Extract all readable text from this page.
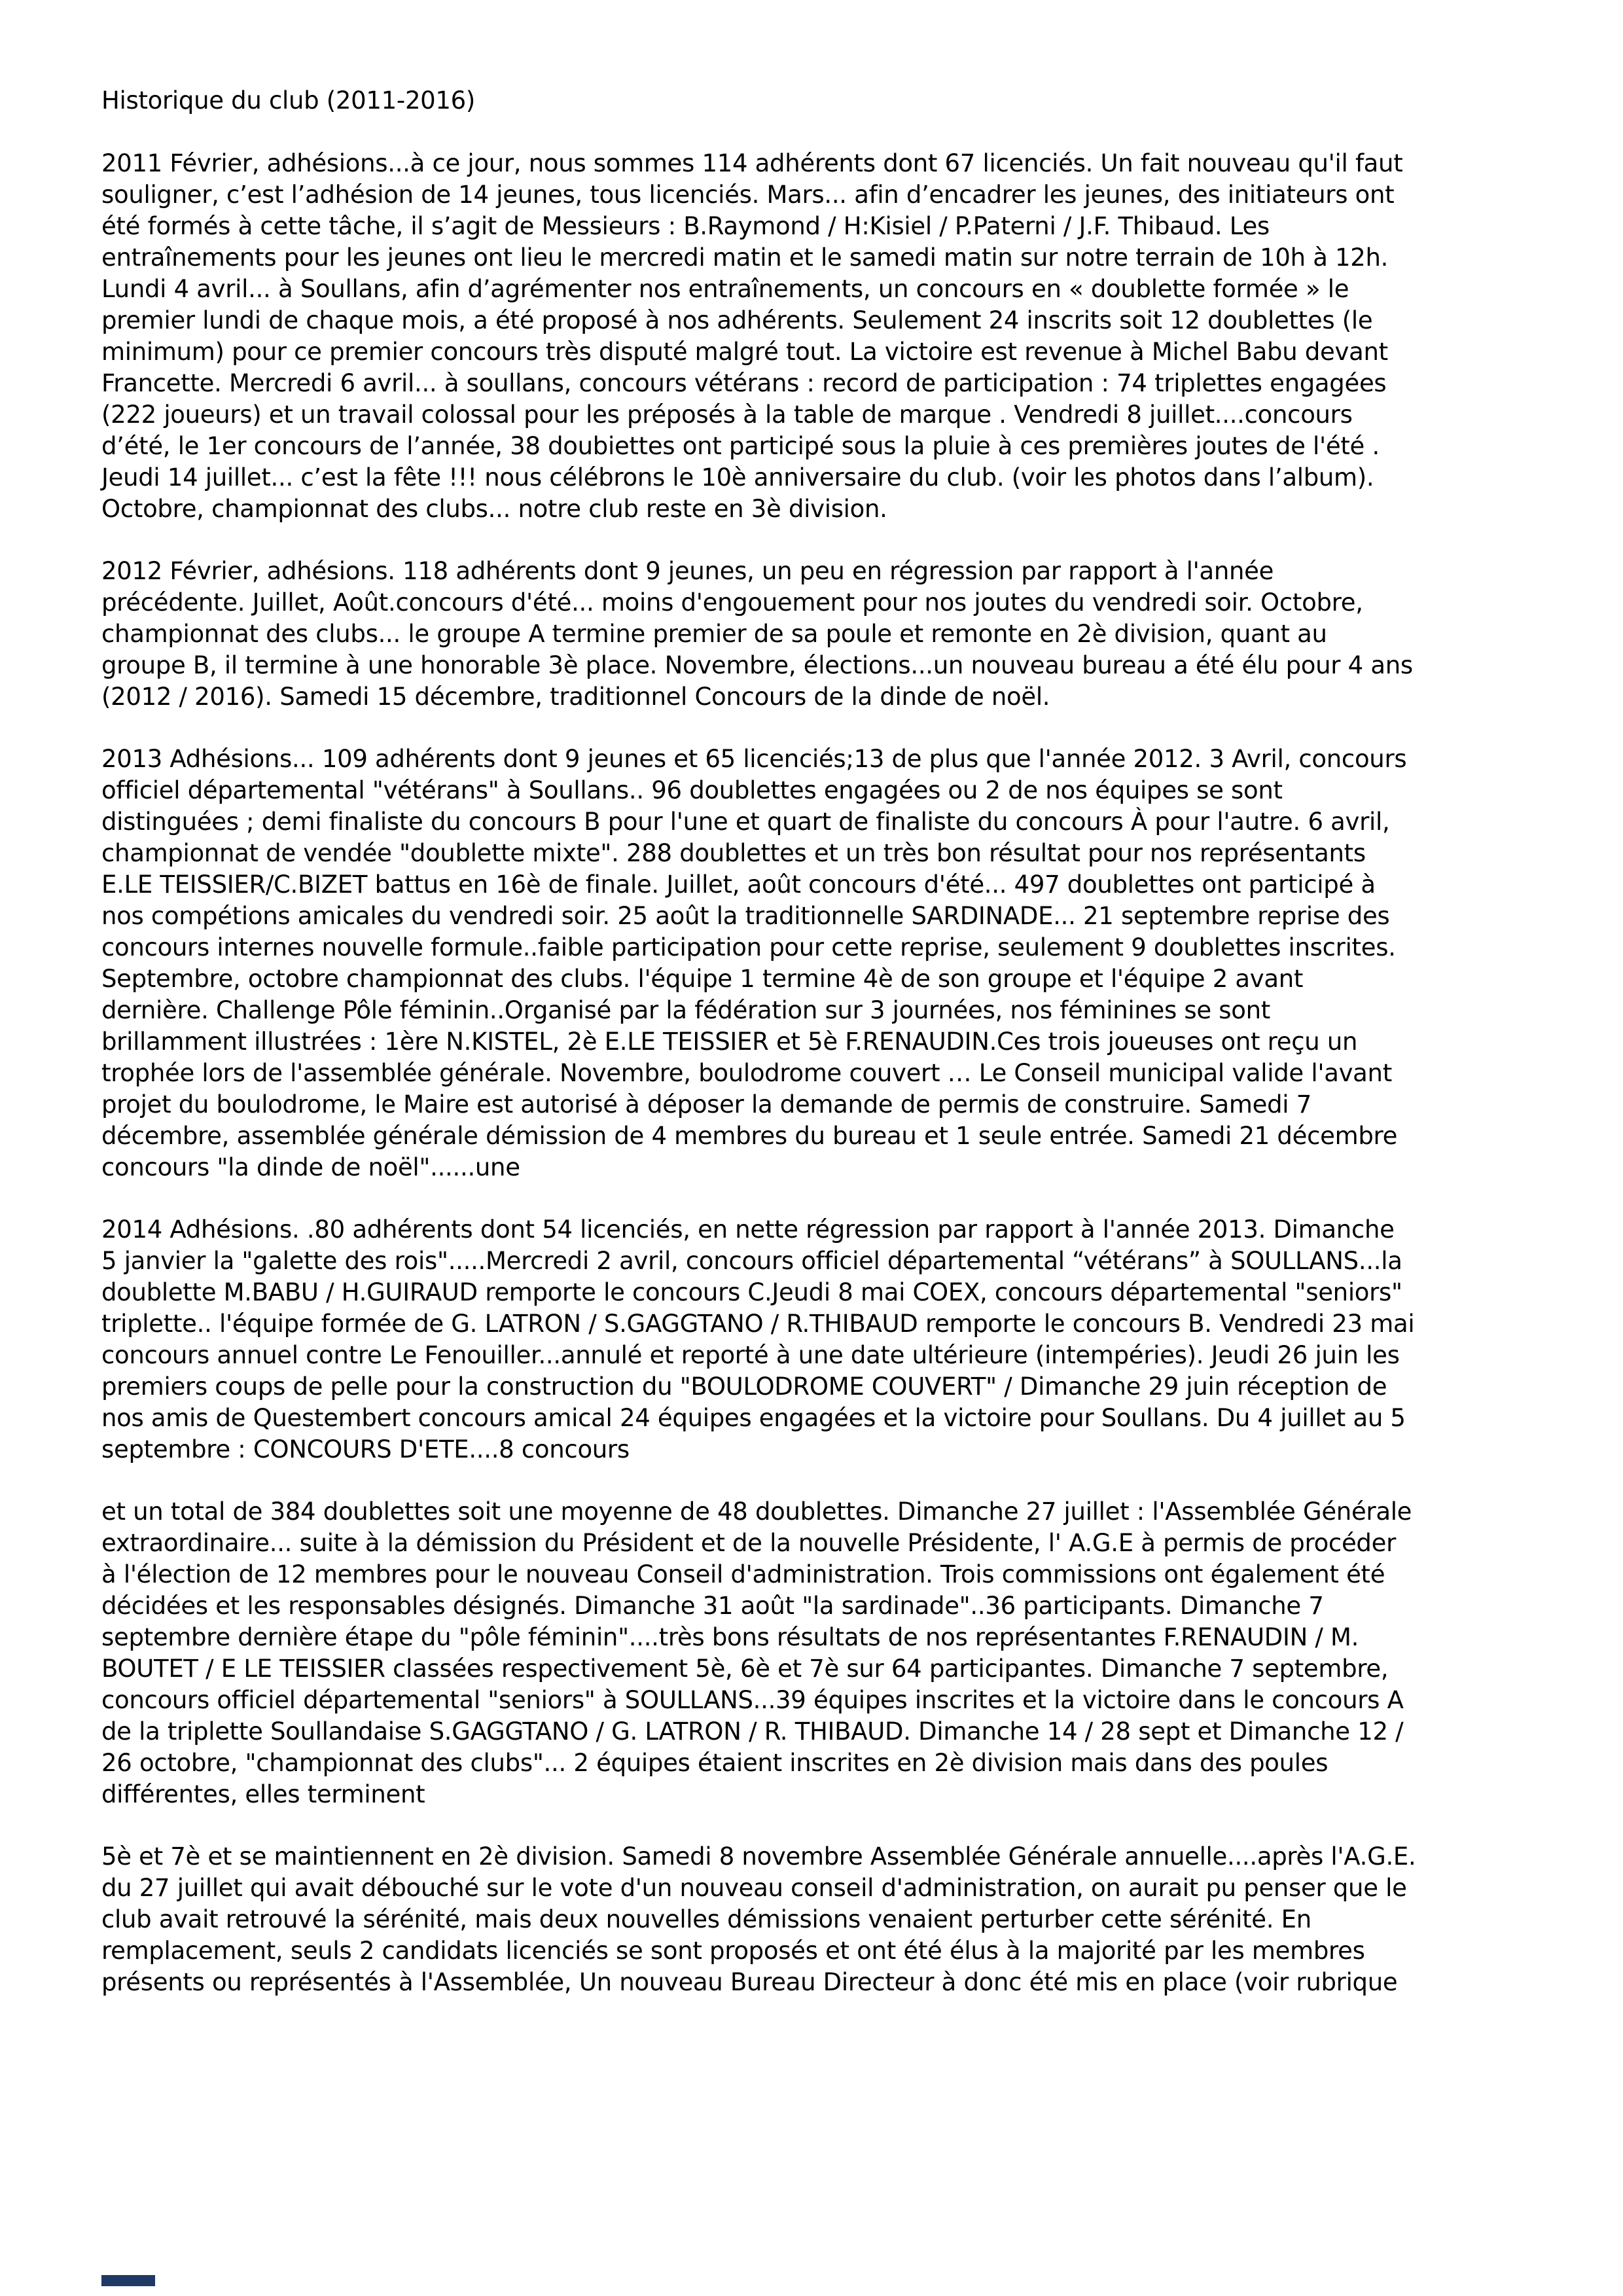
Historique du club (2011-2016)

2011 Février, adhésions...à ce jour, nous sommes 114 adhérents dont 67 licenciés. Un fait nouveau qu'il faut souligner, c’est l’adhésion de 14 jeunes, tous licenciés. Mars... afin d’encadrer les jeunes, des initiateurs ont été formés à cette tâche, il s’agit de Messieurs : B.Raymond / H:Kisiel / P.Paterni / J.F. Thibaud. Les entraînements pour les jeunes ont lieu le mercredi matin et le samedi matin sur notre terrain de 10h à 12h. Lundi 4 avril... à Soullans, afin d’agrémenter nos entraînements, un concours en « doublette formée » le premier lundi de chaque mois, a été proposé à nos adhérents. Seulement 24 inscrits soit 12 doublettes (le minimum) pour ce premier concours très disputé malgré tout. La victoire est revenue à Michel Babu devant Francette. Mercredi 6 avril... à soullans, concours vétérans : record de participation : 74 triplettes engagées (222 joueurs) et un travail colossal pour les préposés à la table de marque . Vendredi 8 juillet....concours d’été, le 1er concours de l’année, 38 doubiettes ont participé sous la pluie à ces premières joutes de l'été . Jeudi 14 juillet... c’est la fête !!! nous célébrons le 10è anniversaire du club. (voir les photos dans l’album). Octobre, championnat des clubs... notre club reste en 3è division.

2012 Février, adhésions. 118 adhérents dont 9 jeunes, un peu en régression par rapport à l'année précédente. Juillet, Août.concours d'été... moins d'engouement pour nos joutes du vendredi soir. Octobre, championnat des clubs... le groupe A termine premier de sa poule et remonte en 2è division, quant au groupe B, il termine à une honorable 3è place. Novembre, élections...un nouveau bureau a été élu pour 4 ans (2012 / 2016). Samedi 15 décembre, traditionnel Concours de la dinde de noël.

2013 Adhésions... 109 adhérents dont 9 jeunes et 65 licenciés;13 de plus que l'année 2012. 3 Avril, concours officiel départemental "vétérans" à Soullans.. 96 doublettes engagées ou 2 de nos équipes se sont distinguées ; demi finaliste du concours B pour l'une et quart de finaliste du concours À pour l'autre. 6 avril, championnat de vendée "doublette mixte". 288 doublettes et un très bon résultat pour nos représentants E.LE TEISSIER/C.BIZET battus en 16è de finale. Juillet, août concours d'été... 497 doublettes ont participé à nos compétions amicales du vendredi soir. 25 août la traditionnelle SARDINADE... 21 septembre reprise des concours internes nouvelle formule..faible participation pour cette reprise, seulement 9 doublettes inscrites. Septembre, octobre championnat des clubs. l'équipe 1 termine 4è de son groupe et l'équipe 2 avant dernière. Challenge Pôle féminin..Organisé par la fédération sur 3 journées, nos féminines se sont brillamment illustrées : 1ère N.KISTEL, 2è E.LE TEISSIER et 5è F.RENAUDIN.Ces trois joueuses ont reçu un trophée lors de l'assemblée générale. Novembre, boulodrome couvert … Le Conseil municipal valide l'avant projet du boulodrome, le Maire est autorisé à déposer la demande de permis de construire. Samedi 7 décembre, assemblée générale démission de 4 membres du bureau et 1 seule entrée. Samedi 21 décembre concours "la dinde de noël"......une

2014 Adhésions. .80 adhérents dont 54 licenciés, en nette régression par rapport à l'année 2013. Dimanche 5 janvier la "galette des rois".....Mercredi 2 avril, concours officiel départemental “vétérans” à SOULLANS...la doublette M.BABU / H.GUIRAUD remporte le concours C.Jeudi 8 mai COEX, concours départemental "seniors" triplette.. l'équipe formée de G. LATRON / S.GAGGTANO / R.THIBAUD remporte le concours B. Vendredi 23 mai concours annuel contre Le Fenouiller...annulé et reporté à une date ultérieure (intempéries). Jeudi 26 juin les premiers coups de pelle pour la construction du "BOULODROME COUVERT" / Dimanche 29 juin réception de nos amis de Questembert concours amical 24 équipes engagées et la victoire pour Soullans. Du 4 juillet au 5 septembre : CONCOURS D'ETE....8 concours

et un total de 384 doublettes soit une moyenne de 48 doublettes. Dimanche 27 juillet : l'Assemblée Générale extraordinaire... suite à la démission du Président et de la nouvelle Présidente, l' A.G.E à permis de procéder à l'élection de 12 membres pour le nouveau Conseil d'administration. Trois commissions ont également été décidées et les responsables désignés. Dimanche 31 août "la sardinade"..36 participants. Dimanche 7 septembre dernière étape du "pôle féminin"....très bons résultats de nos représentantes F.RENAUDIN / M. BOUTET / E LE TEISSIER classées respectivement 5è, 6è et 7è sur 64 participantes. Dimanche 7 septembre, concours officiel départemental "seniors" à SOULLANS...39 équipes inscrites et la victoire dans le concours A de la triplette Soullandaise S.GAGGTANO / G. LATRON / R. THIBAUD. Dimanche 14 / 28 sept et Dimanche 12 / 26 octobre, "championnat des clubs"... 2 équipes étaient inscrites en 2è division mais dans des poules différentes, elles terminent

5è et 7è et se maintiennent en 2è division. Samedi 8 novembre Assemblée Générale annuelle....après l'A.G.E. du 27 juillet qui avait débouché sur le vote d'un nouveau conseil d'administration, on aurait pu penser que le club avait retrouvé la sérénité, mais deux nouvelles démissions venaient perturber cette sérénité. En remplacement, seuls 2 candidats licenciés se sont proposés et ont été élus à la majorité par les membres présents ou représentés à l'Assemblée, Un nouveau Bureau Directeur à donc été mis en place (voir rubrique
